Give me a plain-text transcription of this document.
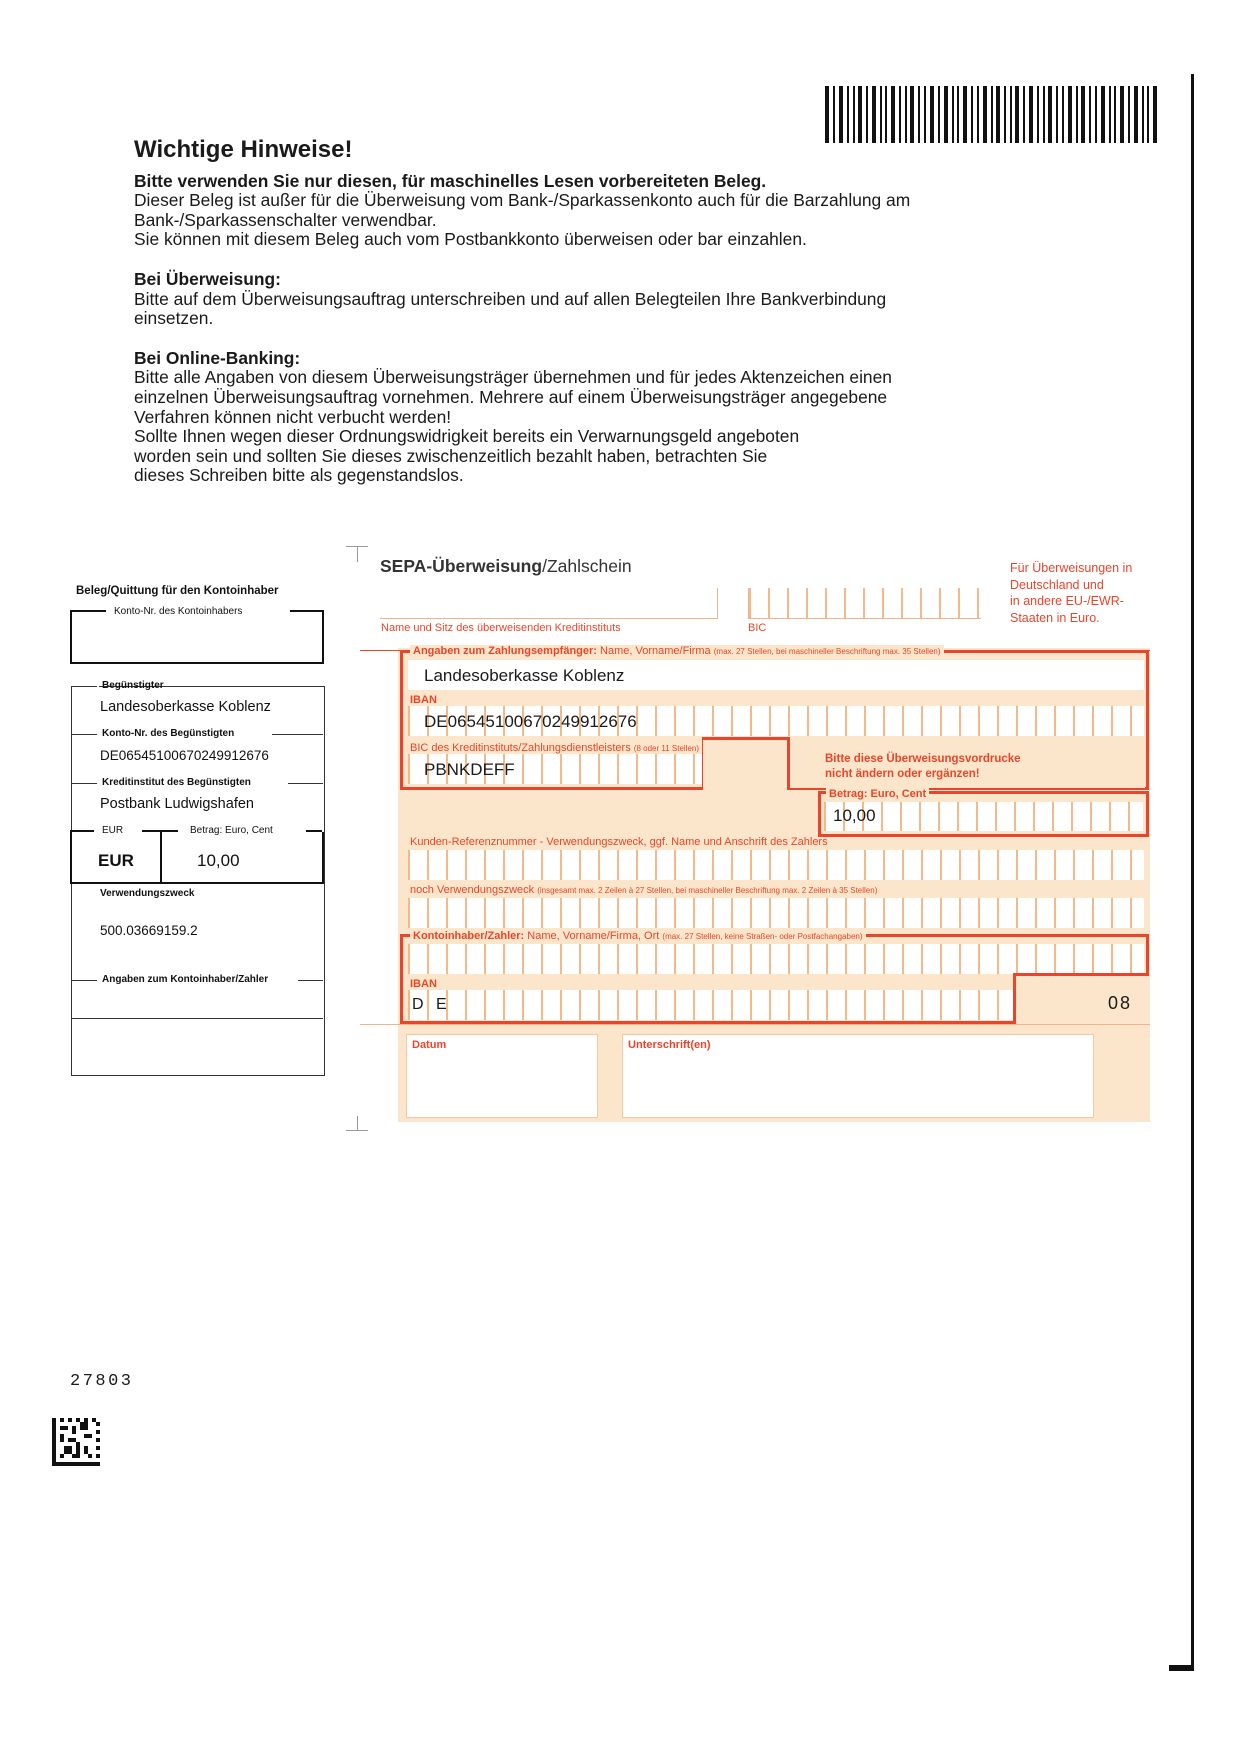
Wichtige Hinweise!

Bitte verwenden Sie nur diesen, für maschinelles Lesen vorbereiteten Beleg.

Dieser Beleg ist außer für die Überweisung vom Bank-/Sparkassenkonto auch für die Barzahlung am

Bank-/Sparkassenschalter verwendbar.

Sie können mit diesem Beleg auch vom Postbankkonto überweisen oder bar einzahlen.

Bei Überweisung:

Bitte auf dem Überweisungsauftrag unterschreiben und auf allen Belegteilen Ihre Bankverbindung

einsetzen.

Bei Online-Banking:

Bitte alle Angaben von diesem Überweisungsträger übernehmen und für jedes Aktenzeichen einen

einzelnen Überweisungsauftrag vornehmen. Mehrere auf einem Überweisungsträger angegebene

Verfahren können nicht verbucht werden!

Sollte Ihnen wegen dieser Ordnungswidrigkeit bereits ein Verwarnungsgeld angeboten

worden sein und sollten Sie dieses zwischenzeitlich bezahlt haben, betrachten Sie

dieses Schreiben bitte als gegenstandslos.

Beleg/Quittung für den Kontoinhaber
Konto-Nr. des Kontoinhabers
Begünstigter
Landesoberkasse Koblenz
Konto-Nr. des Begünstigten
DE06545100670249912676
Kreditinstitut des Begünstigten
Postbank Ludwigshafen
EUR	Betrag: Euro, Cent
EUR	10,00
Verwendungszweck
500.03669159.2
Angaben zum Kontoinhaber/Zahler
SEPA-Überweisung/Zahlschein	Für Überweisungen in
Deutschland und
in andere EU-/EWR-
Staaten in Euro.
Name und Sitz des überweisenden Kreditinstituts	BIC
Angaben zum Zahlungsempfänger: Name, Vorname/Firma (max. 27 Stellen, bei maschineller Beschriftung max. 35 Stellen)
Landesoberkasse Koblenz
IBAN
DE06545100670249912676
BIC des Kreditinstituts/Zahlungsdienstleisters (8 oder 11 Stellen)
PBNKDEFF
Bitte diese Überweisungsvordrucke
nicht ändern oder ergänzen!
Betrag: Euro, Cent
10,00
Kunden-Referenznummer - Verwendungszweck, ggf. Name und Anschrift des Zahlers
noch Verwendungszweck (insgesamt max. 2 Zeilen à 27 Stellen, bei maschineller Beschriftung max. 2 Zeilen à 35 Stellen)
Kontoinhaber/Zahler: Name, Vorname/Firma, Ort (max. 27 Stellen, keine Straßen- oder Postfachangaben)
IBAN
D E	08
Datum	Unterschrift(en)
27803
